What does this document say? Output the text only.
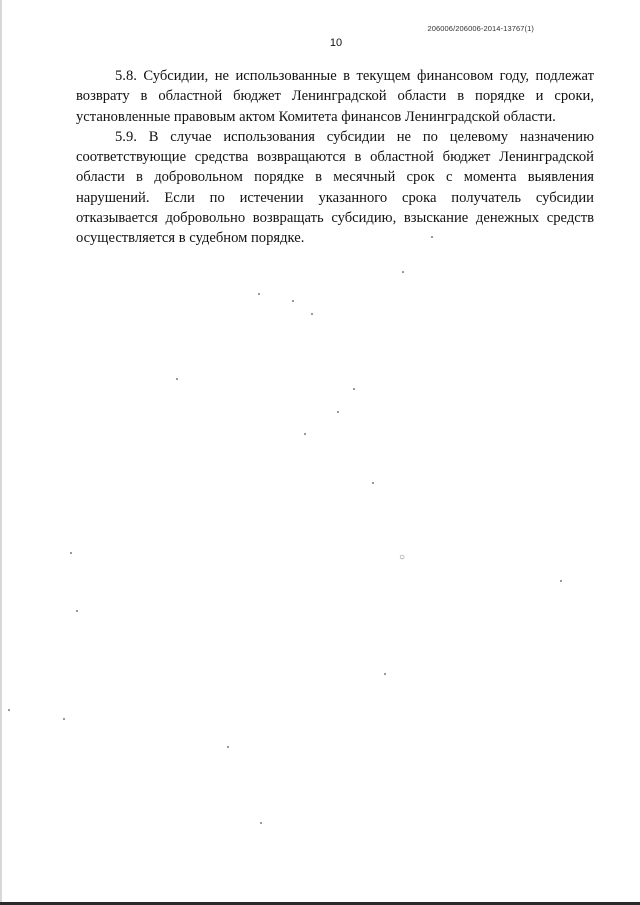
206006/206006-2014-13767(1)
10

5.8. Субсидии, не использованные в текущем финансовом году, подлежат возврату в областной бюджет Ленинградской области в порядке и сроки, установленные правовым актом Комитета финансов Ленинградской области.

5.9. В случае использования субсидии не по целевому назначению соответствующие средства возвращаются в областной бюджет Ленинградской области в добровольном порядке в месячный срок с момента выявления нарушений. Если по истечении указанного срока получатель субсидии отказывается добровольно возвращать субсидию, взыскание денежных средств осуществляется в судебном порядке.

○
